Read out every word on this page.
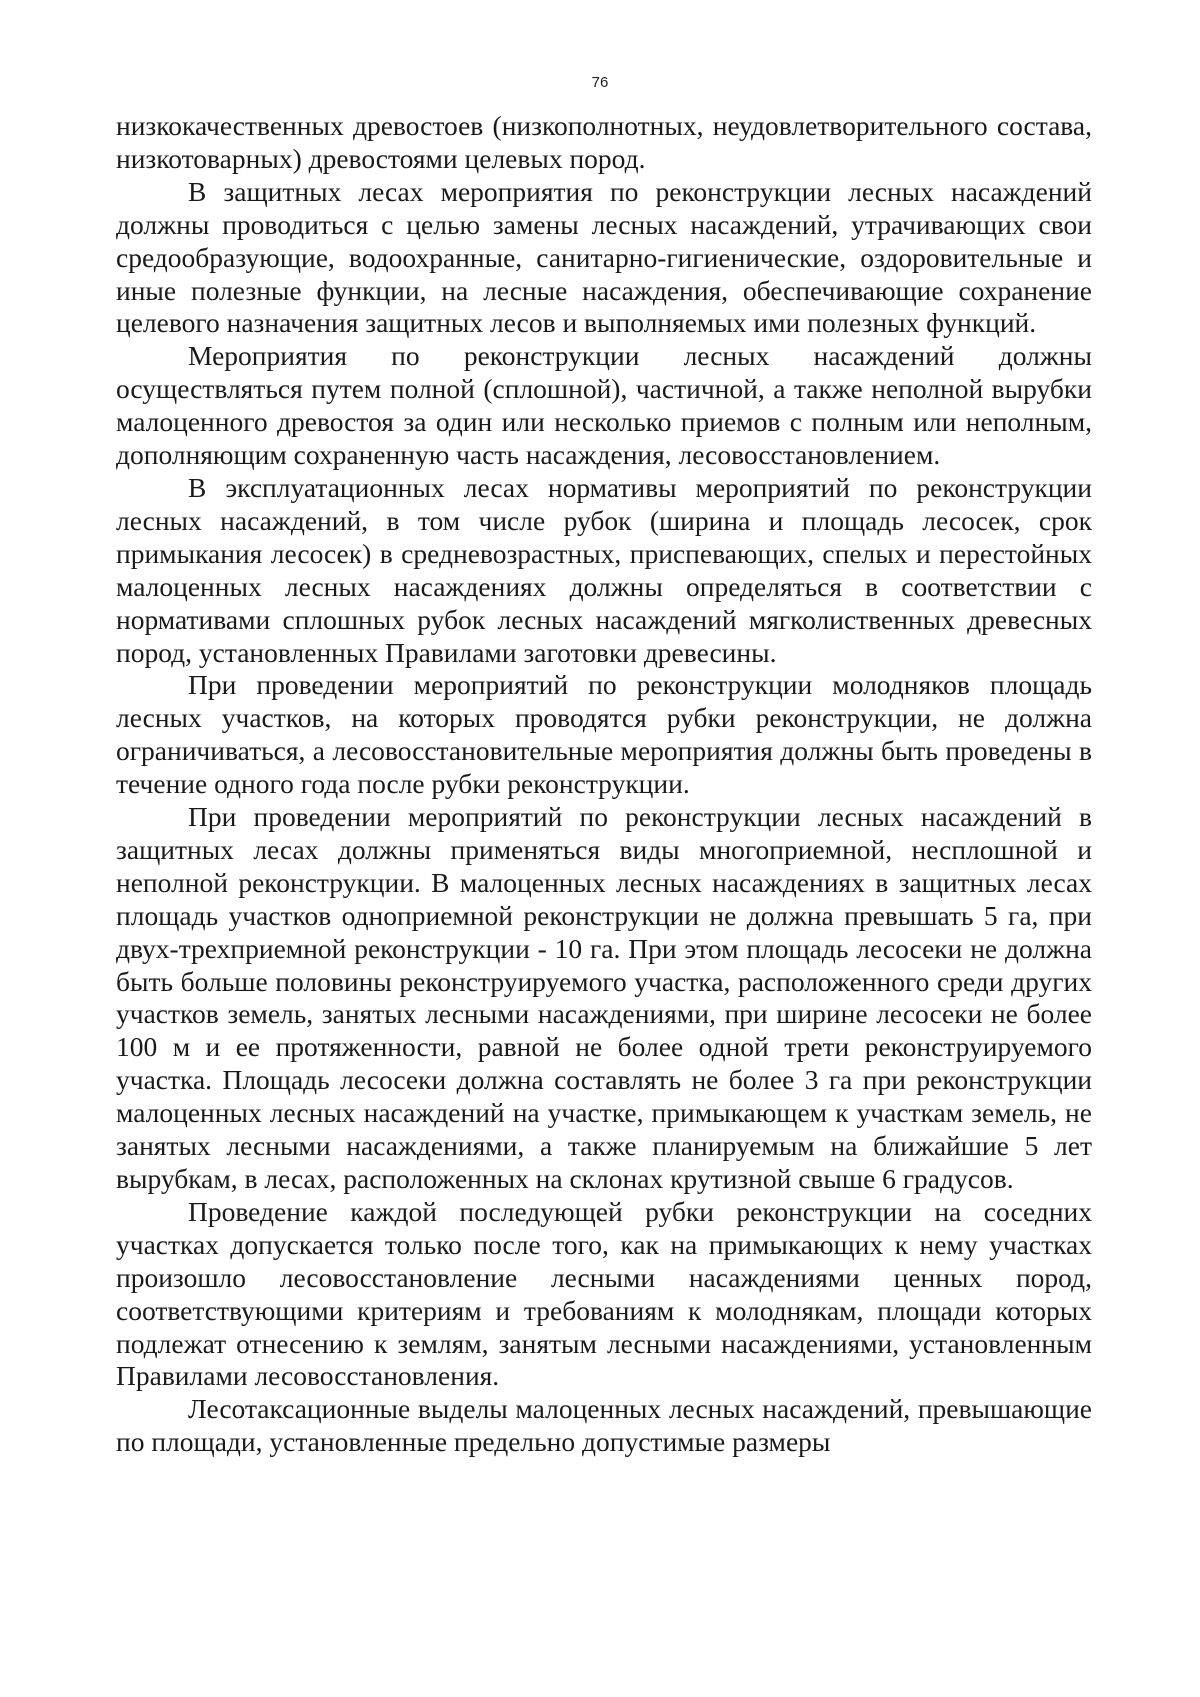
76

низкокачественных древостоев (низкополнотных, неудовлетворительного состава, низкотоварных) древостоями целевых пород.

В защитных лесах мероприятия по реконструкции лесных насаждений должны проводиться с целью замены лесных насаждений, утрачивающих свои средообразующие, водоохранные, санитарно-гигиенические, оздоровительные и иные полезные функции, на лесные насаждения, обеспечивающие сохранение целевого назначения защитных лесов и выполняемых ими полезных функций.

Мероприятия по реконструкции лесных насаждений должны осуществляться путем полной (сплошной), частичной, а также неполной вырубки малоценного древостоя за один или несколько приемов с полным или неполным, дополняющим сохраненную часть насаждения, лесовосстановлением.

В эксплуатационных лесах нормативы мероприятий по реконструкции лесных насаждений, в том числе рубок (ширина и площадь лесосек, срок примыкания лесосек) в средневозрастных, приспевающих, спелых и перестойных малоценных лесных насаждениях должны определяться в соответствии с нормативами сплошных рубок лесных насаждений мягколиственных древесных пород, установленных Правилами заготовки древесины.

При проведении мероприятий по реконструкции молодняков площадь лесных участков, на которых проводятся рубки реконструкции, не должна ограничиваться, а лесовосстановительные мероприятия должны быть проведены в течение одного года после рубки реконструкции.

При проведении мероприятий по реконструкции лесных насаждений в защитных лесах должны применяться виды многоприемной, несплошной и неполной реконструкции. В малоценных лесных насаждениях в защитных лесах площадь участков одноприемной реконструкции не должна превышать 5 га, при двух-трехприемной реконструкции - 10 га. При этом площадь лесосеки не должна быть больше половины реконструируемого участка, расположенного среди других участков земель, занятых лесными насаждениями, при ширине лесосеки не более 100 м и ее протяженности, равной не более одной трети реконструируемого участка. Площадь лесосеки должна составлять не более 3 га при реконструкции малоценных лесных насаждений на участке, примыкающем к участкам земель, не занятых лесными насаждениями, а также планируемым на ближайшие 5 лет вырубкам, в лесах, расположенных на склонах крутизной свыше 6 градусов.

Проведение каждой последующей рубки реконструкции на соседних участках допускается только после того, как на примыкающих к нему участках произошло лесовосстановление лесными насаждениями ценных пород, соответствующими критериям и требованиям к молоднякам, площади которых подлежат отнесению к землям, занятым лесными насаждениями, установленным Правилами лесовосстановления.

Лесотаксационные выделы малоценных лесных насаждений, превышающие по площади, установленные предельно допустимые размеры
